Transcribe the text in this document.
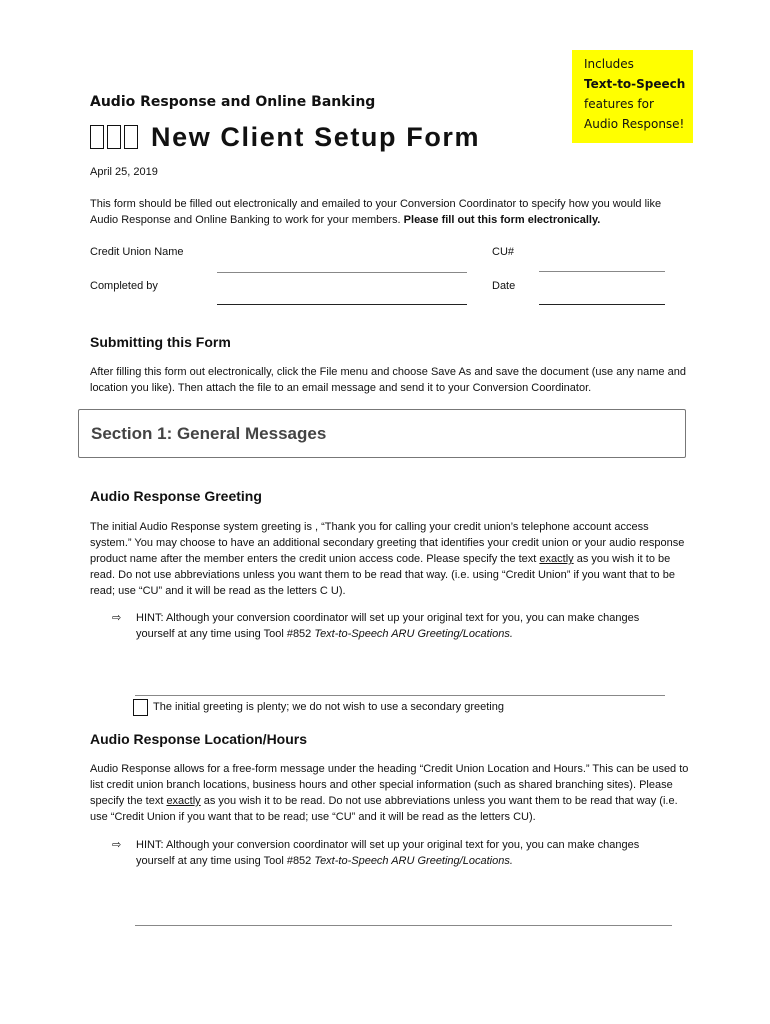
Includes
Text-to-Speech
features for
Audio Response!
Audio Response and Online Banking
New Client Setup Form
April 25, 2019
This form should be filled out electronically and emailed to your Conversion Coordinator to specify how you would like Audio Response and Online Banking to work for your members. Please fill out this form electronically.
Credit Union Name	CU#
Completed by	Date
Submitting this Form
After filling this form out electronically, click the File menu and choose Save As and save the document (use any name and location you like). Then attach the file to an email message and send it to your Conversion Coordinator.
Section 1: General Messages
Audio Response Greeting
The initial Audio Response system greeting is , “Thank you for calling your credit union’s telephone account access system.” You may choose to have an additional secondary greeting that identifies your credit union or your audio response product name after the member enters the credit union access code. Please specify the text exactly as you wish it to be read. Do not use abbreviations unless you want them to be read that way. (i.e. using “Credit Union” if you want that to be read; use “CU” and it will be read as the letters C U).
⇨ HINT: Although your conversion coordinator will set up your original text for you, you can make changes yourself at any time using Tool #852 Text-to-Speech ARU Greeting/Locations.
The initial greeting is plenty; we do not wish to use a secondary greeting
Audio Response Location/Hours
Audio Response allows for a free-form message under the heading “Credit Union Location and Hours.” This can be used to list credit union branch locations, business hours and other special information (such as shared branching sites). Please specify the text exactly as you wish it to be read. Do not use abbreviations unless you want them to be read that way (i.e. use “Credit Union if you want that to be read; use “CU” and it will be read as the letters CU).
⇨ HINT: Although your conversion coordinator will set up your original text for you, you can make changes yourself at any time using Tool #852 Text-to-Speech ARU Greeting/Locations.
